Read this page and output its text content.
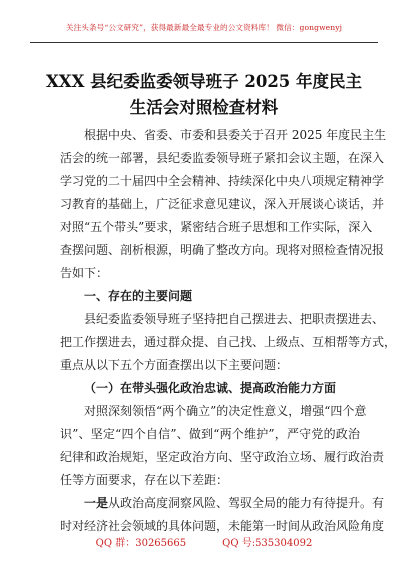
关注头条号“公文研究”，获得最新最全最专业的公文资料库！ 微信：gongwenyj
XXX 县纪委监委领导班子 2025 年度民主
生活会对照检查材料
根据中央、省委、市委和县委关于召开 2025 年度民主生
活会的统一部署，县纪委监委领导班子紧扣会议主题，在深入
学习党的二十届四中全会精神、持续深化中央八项规定精神学
习教育的基础上，广泛征求意见建议，深入开展谈心谈话，并
对照“五个带头”要求，紧密结合班子思想和工作实际，深入
查摆问题、剖析根源，明确了整改方向。现将对照检查情况报
告如下：
一、存在的主要问题
县纪委监委领导班子坚持把自己摆进去、把职责摆进去、
把工作摆进去，通过群众提、自己找、上级点、互相帮等方式，
重点从以下五个方面查摆出以下主要问题：
（一）在带头强化政治忠诚、提高政治能力方面
对照深刻领悟“两个确立”的决定性意义，增强“四个意
识”、坚定“四个自信”、做到“两个维护”，严守党的政治
纪律和政治规矩，坚定政治方向、坚守政治立场、履行政治责
任等方面要求，存在以下差距：
一是从政治高度洞察风险、驾驭全局的能力有待提升。有
时对经济社会领域的具体问题，未能第一时间从政治风险角度
QQ 群：30265665	QQ 号:535304092
